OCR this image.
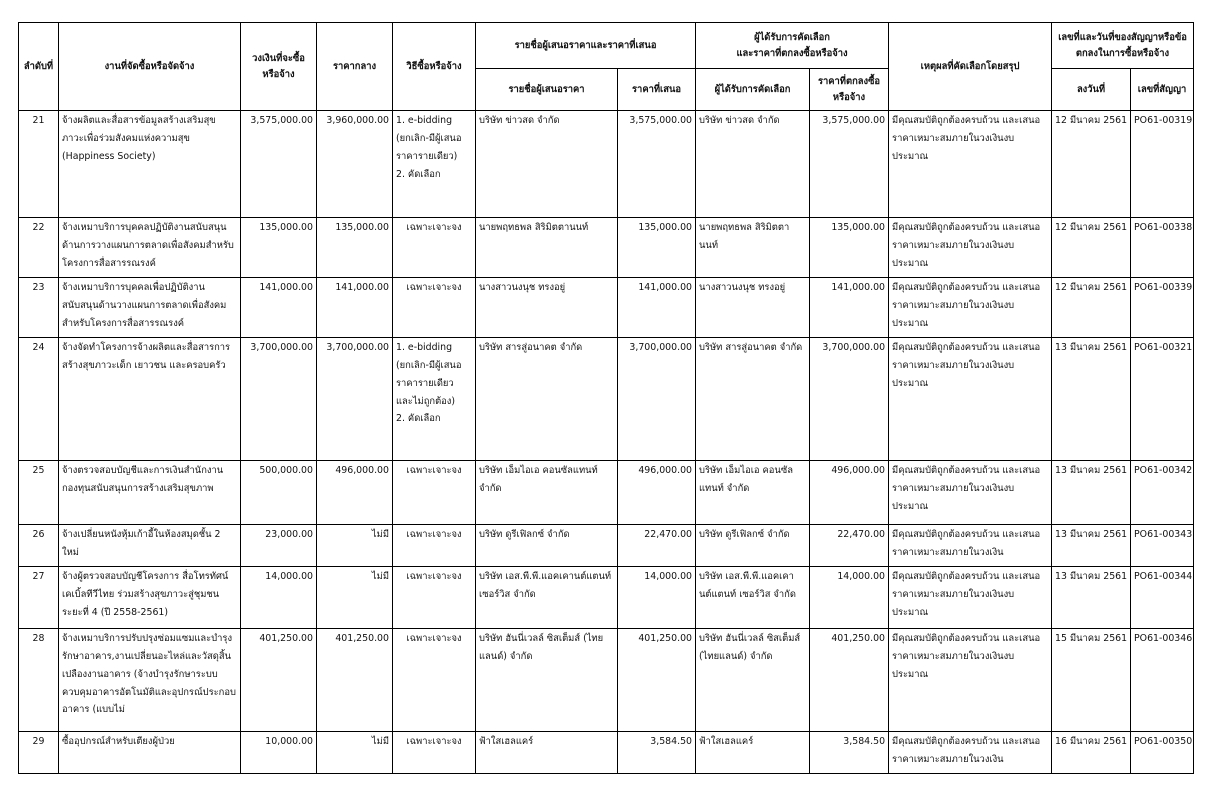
ลำดับที่	งานที่จัดซื้อหรือจัดจ้าง	วงเงินที่จะซื้อหรือจ้าง	ราคากลาง	วิธีซื้อหรือจ้าง	รายชื่อผู้เสนอราคาและราคาที่เสนอ		ผู้ได้รับการคัดเลือก
และราคาที่ตกลงซื้อหรือจ้าง		เหตุผลที่คัดเลือกโดยสรุป	เลขที่และวันที่ของสัญญาหรือข้อตกลงในการซื้อหรือจ้าง	
					รายชื่อผู้เสนอราคา	ราคาที่เสนอ	ผู้ได้รับการคัดเลือก	ราคาที่ตกลงซื้อหรือจ้าง		ลงวันที่	เลขที่สัญญา
21	จ้างผลิตและสื่อสารข้อมูลสร้างเสริมสุขภาวะเพื่อร่วมสังคมแห่งความสุข (Happiness Society)	3,575,000.00	3,960,000.00	1. e-bidding
(ยกเลิก-มีผู้เสนอ
ราคารายเดียว)
2. คัดเลือก	บริษัท ข่าวสด จำกัด	3,575,000.00	บริษัท ข่าวสด จำกัด	3,575,000.00	มีคุณสมบัติถูกต้องครบถ้วน และเสนอราคาเหมาะสมภายในวงเงินงบประมาณ	12 มีนาคม 2561	PO61-00319
22	จ้างเหมาบริการบุคคลปฏิบัติงานสนับสนุนด้านการวางแผนการตลาดเพื่อสังคมสำหรับโครงการสื่อสารรณรงค์	135,000.00	135,000.00	เฉพาะเจาะจง	นายพฤทธพล สิริมิตตานนท์	135,000.00	นายพฤทธพล สิริมิตตานนท์	135,000.00	มีคุณสมบัติถูกต้องครบถ้วน และเสนอราคาเหมาะสมภายในวงเงินงบประมาณ	12 มีนาคม 2561	PO61-00338
23	จ้างเหมาบริการบุคคลเพื่อปฏิบัติงานสนับสนุนด้านวางแผนการตลาดเพื่อสังคมสำหรับโครงการสื่อสารรณรงค์	141,000.00	141,000.00	เฉพาะเจาะจง	นางสาวนงนุช ทรงอยู่	141,000.00	นางสาวนงนุช ทรงอยู่	141,000.00	มีคุณสมบัติถูกต้องครบถ้วน และเสนอราคาเหมาะสมภายในวงเงินงบประมาณ	12 มีนาคม 2561	PO61-00339
24	จ้างจัดทำโครงการจ้างผลิตและสื่อสารการสร้างสุขภาวะเด็ก เยาวชน และครอบครัว	3,700,000.00	3,700,000.00	1. e-bidding
(ยกเลิก-มีผู้เสนอ
ราคารายเดียว
และไม่ถูกต้อง)
2. คัดเลือก	บริษัท สารสู่อนาคต จำกัด	3,700,000.00	บริษัท สารสู่อนาคต จำกัด	3,700,000.00	มีคุณสมบัติถูกต้องครบถ้วน และเสนอราคาเหมาะสมภายในวงเงินงบประมาณ	13 มีนาคม 2561	PO61-00321
25	จ้างตรวจสอบบัญชีและการเงินสำนักงานกองทุนสนับสนุนการสร้างเสริมสุขภาพ	500,000.00	496,000.00	เฉพาะเจาะจง	บริษัท เอ็มไอเอ คอนซัลแทนท์ จำกัด	496,000.00	บริษัท เอ็มไอเอ คอนซัลแทนท์ จำกัด	496,000.00	มีคุณสมบัติถูกต้องครบถ้วน และเสนอราคาเหมาะสมภายในวงเงินงบประมาณ	13 มีนาคม 2561	PO61-00342
26	จ้างเปลี่ยนหนังหุ้มเก้าอี้ในห้องสมุดชั้น 2 ใหม่	23,000.00	ไม่มี	เฉพาะเจาะจง	บริษัท ดูรีเฟิลกซ์ จำกัด	22,470.00	บริษัท ดูรีเฟิลกซ์ จำกัด	22,470.00	มีคุณสมบัติถูกต้องครบถ้วน และเสนอราคาเหมาะสมภายในวงเงิน	13 มีนาคม 2561	PO61-00343
27	จ้างผู้ตรวจสอบบัญชีโครงการ สื่อโทรทัศน์เคเบิ้ลทีวีไทย ร่วมสร้างสุขภาวะสู่ชุมชน ระยะที่ 4 (ปี 2558-2561)	14,000.00	ไม่มี	เฉพาะเจาะจง	บริษัท เอส.พี.พี.แอคเคานต์แตนท์ เซอร์วิส จำกัด	14,000.00	บริษัท เอส.พี.พี.แอคเคานต์แตนท์ เซอร์วิส จำกัด	14,000.00	มีคุณสมบัติถูกต้องครบถ้วน และเสนอราคาเหมาะสมภายในวงเงินงบประมาณ	13 มีนาคม 2561	PO61-00344
28	จ้างเหมาบริการปรับปรุงซ่อมแซมและบำรุงรักษาอาคาร,งานเปลี่ยนอะไหล่และวัสดุสิ้นเปลืองงานอาคาร (จ้างบำรุงรักษาระบบควบคุมอาคารอัตโนมัติและอุปกรณ์ประกอบอาคาร (แบบไม่	401,250.00	401,250.00	เฉพาะเจาะจง	บริษัท ฮันนี่เวลล์ ซิสเต็มส์ (ไทยแลนด์) จำกัด	401,250.00	บริษัท ฮันนี่เวลล์ ซิสเต็มส์ (ไทยแลนด์) จำกัด	401,250.00	มีคุณสมบัติถูกต้องครบถ้วน และเสนอราคาเหมาะสมภายในวงเงินงบประมาณ	15 มีนาคม 2561	PO61-00346
29	ซื้ออุปกรณ์สำหรับเตียงผู้ป่วย	10,000.00	ไม่มี	เฉพาะเจาะจง	ฟ้าใสเฮลแคร์	3,584.50	ฟ้าใสเฮลแคร์	3,584.50	มีคุณสมบัติถูกต้องครบถ้วน และเสนอราคาเหมาะสมภายในวงเงิน	16 มีนาคม 2561	PO61-00350
